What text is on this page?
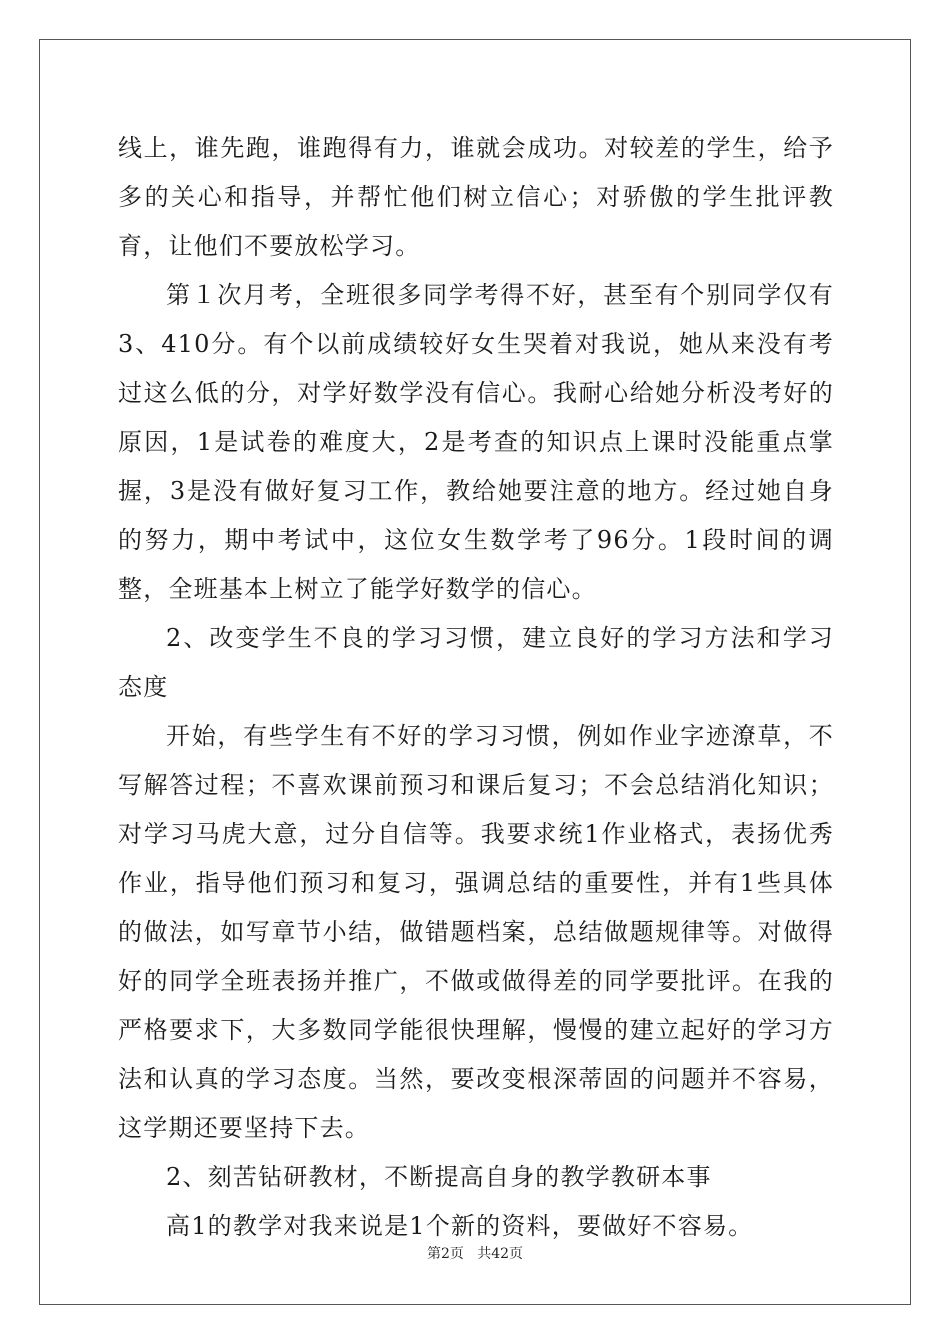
线上，谁先跑，谁跑得有力，谁就会成功。对较差的学生，给予多的关心和指导，并帮忙他们树立信心；对骄傲的学生批评教育，让他们不要放松学习。

第１次月考，全班很多同学考得不好，甚至有个别同学仅有3、410分。有个以前成绩较好女生哭着对我说，她从来没有考过这么低的分，对学好数学没有信心。我耐心给她分析没考好的原因，1是试卷的难度大，2是考查的知识点上课时没能重点掌握，3是没有做好复习工作，教给她要注意的地方。经过她自身的努力，期中考试中，这位女生数学考了96分。1段时间的调整，全班基本上树立了能学好数学的信心。

2、改变学生不良的学习习惯，建立良好的学习方法和学习态度

开始，有些学生有不好的学习习惯，例如作业字迹潦草，不写解答过程；不喜欢课前预习和课后复习；不会总结消化知识；对学习马虎大意，过分自信等。我要求统1作业格式，表扬优秀作业，指导他们预习和复习，强调总结的重要性，并有1些具体的做法，如写章节小结，做错题档案，总结做题规律等。对做得好的同学全班表扬并推广，不做或做得差的同学要批评。在我的严格要求下，大多数同学能很快理解，慢慢的建立起好的学习方法和认真的学习态度。当然，要改变根深蒂固的问题并不容易，这学期还要坚持下去。

2、刻苦钻研教材，不断提高自身的教学教研本事

高1的教学对我来说是1个新的资料，要做好不容易。

第2页   共42页
